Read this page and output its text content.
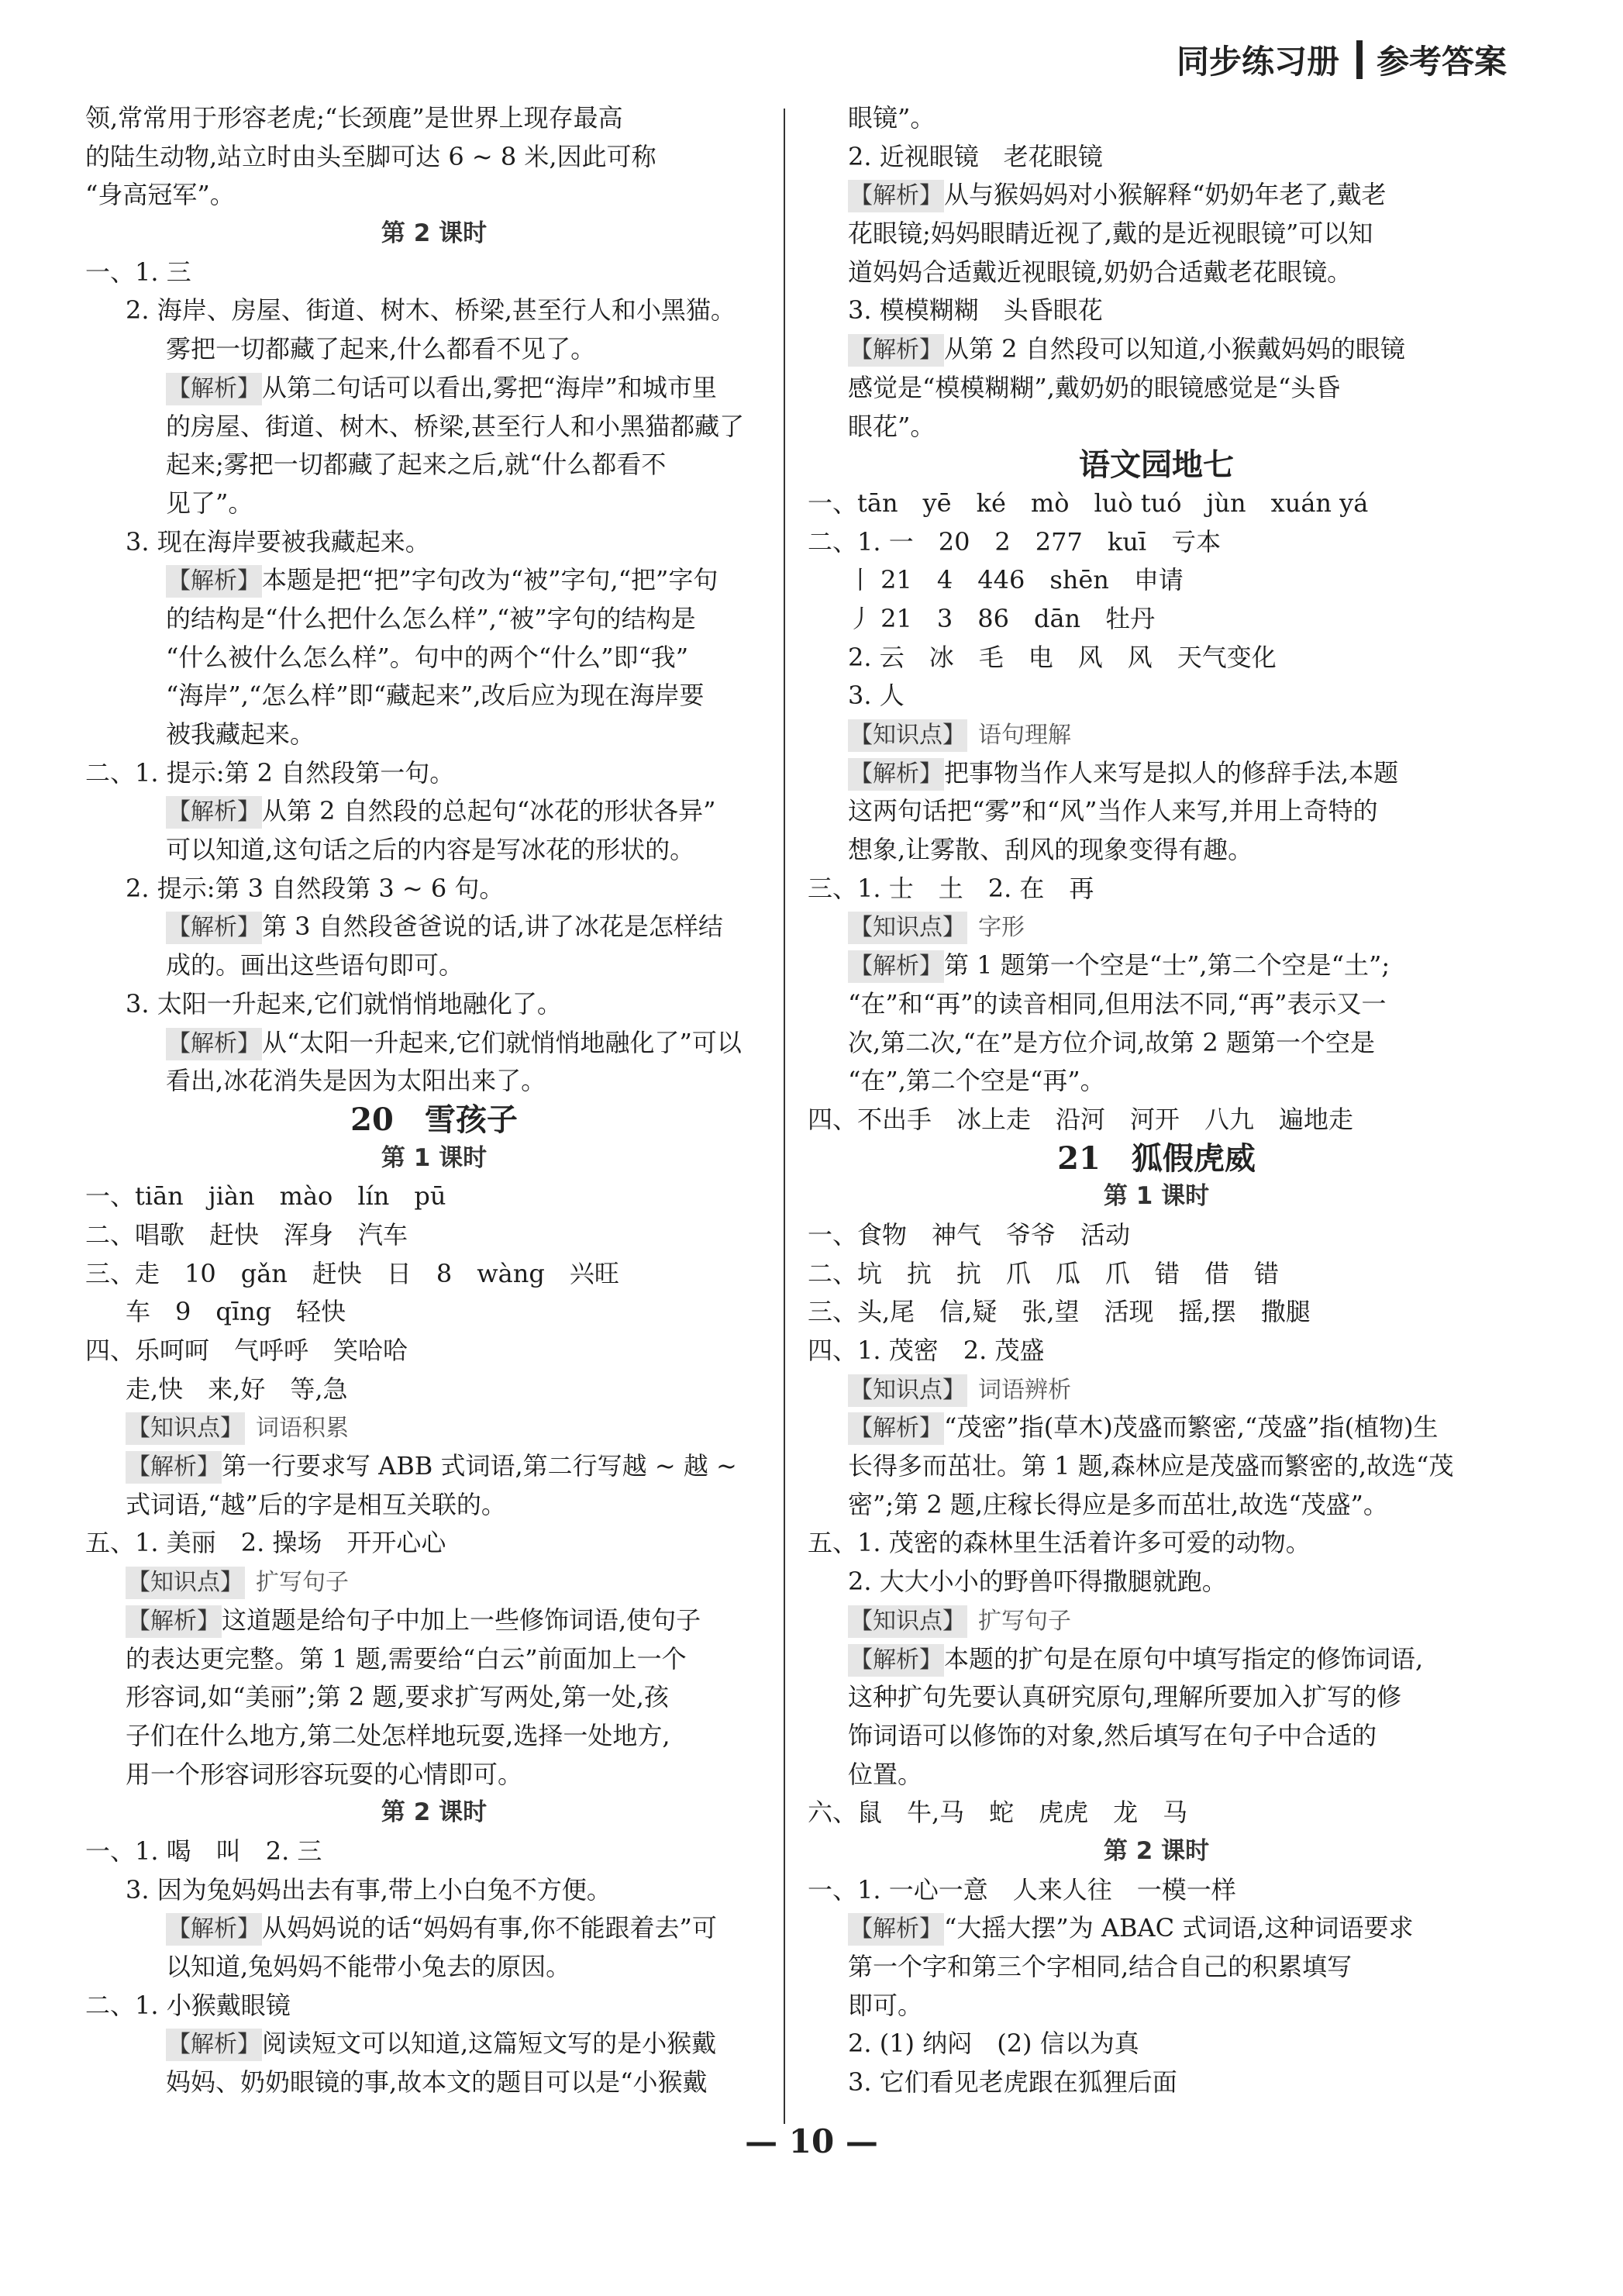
同步练习册 参考答案
领,常常用于形容老虎;“长颈鹿”是世界上现存最高
的陆生动物,站立时由头至脚可达 6 ~ 8 米,因此可称
“身高冠军”。
第 2 课时
一、1. 三
2. 海岸、房屋、街道、树木、桥梁,甚至行人和小黑猫。
雾把一切都藏了起来,什么都看不见了。
【解析】从第二句话可以看出,雾把“海岸”和城市里
的房屋、街道、树木、桥梁,甚至行人和小黑猫都藏了
起来;雾把一切都藏了起来之后,就“什么都看不
见了”。
3. 现在海岸要被我藏起来。
【解析】本题是把“把”字句改为“被”字句,“把”字句
的结构是“什么把什么怎么样”,“被”字句的结构是
“什么被什么怎么样”。句中的两个“什么”即“我”
“海岸”,“怎么样”即“藏起来”,改后应为现在海岸要
被我藏起来。
二、1. 提示:第 2 自然段第一句。
【解析】从第 2 自然段的总起句“冰花的形状各异”
可以知道,这句话之后的内容是写冰花的形状的。
2. 提示:第 3 自然段第 3 ~ 6 句。
【解析】第 3 自然段爸爸说的话,讲了冰花是怎样结
成的。画出这些语句即可。
3. 太阳一升起来,它们就悄悄地融化了。
【解析】从“太阳一升起来,它们就悄悄地融化了”可以
看出,冰花消失是因为太阳出来了。
20　雪孩子
第 1 课时
一、tiān　jiàn　mào　lín　pū
二、唱歌　赶快　浑身　汽车
三、走　10　gǎn　赶快　日　8　wàng　兴旺
车　9　qīng　轻快
四、乐呵呵　气呼呼　笑哈哈
走,快　来,好　等,急
【知识点】 词语积累
【解析】第一行要求写 ABB 式词语,第二行写越 ~ 越 ~
式词语,“越”后的字是相互关联的。
五、1. 美丽　2. 操场　开开心心
【知识点】 扩写句子
【解析】这道题是给句子中加上一些修饰词语,使句子
的表达更完整。第 1 题,需要给“白云”前面加上一个
形容词,如“美丽”;第 2 题,要求扩写两处,第一处,孩
子们在什么地方,第二处怎样地玩耍,选择一处地方,
用一个形容词形容玩耍的心情即可。
第 2 课时
一、1. 喝　叫　2. 三
3. 因为兔妈妈出去有事,带上小白兔不方便。
【解析】从妈妈说的话“妈妈有事,你不能跟着去”可
以知道,兔妈妈不能带小兔去的原因。
二、1. 小猴戴眼镜
【解析】阅读短文可以知道,这篇短文写的是小猴戴
妈妈、奶奶眼镜的事,故本文的题目可以是“小猴戴
眼镜”。
2. 近视眼镜　老花眼镜
【解析】从与猴妈妈对小猴解释“奶奶年老了,戴老
花眼镜;妈妈眼睛近视了,戴的是近视眼镜”可以知
道妈妈合适戴近视眼镜,奶奶合适戴老花眼镜。
3. 模模糊糊　头昏眼花
【解析】从第 2 自然段可以知道,小猴戴妈妈的眼镜
感觉是“模模糊糊”,戴奶奶的眼镜感觉是“头昏
眼花”。
语文园地七
一、tān　yē　ké　mò　luò tuó　jùn　xuán yá
二、1. 一　20　2　277　kuī　亏本
丨 21　4　446　shēn　申请
丿 21　3　86　dān　牡丹
2. 云　冰　毛　电　风　风　天气变化
3. 人
【知识点】 语句理解
【解析】把事物当作人来写是拟人的修辞手法,本题
这两句话把“雾”和“风”当作人来写,并用上奇特的
想象,让雾散、刮风的现象变得有趣。
三、1. 士　土　2. 在　再
【知识点】 字形
【解析】第 1 题第一个空是“士”,第二个空是“土”;
“在”和“再”的读音相同,但用法不同,“再”表示又一
次,第二次,“在”是方位介词,故第 2 题第一个空是
“在”,第二个空是“再”。
四、不出手　冰上走　沿河　河开　八九　遍地走
21　狐假虎威
第 1 课时
一、食物　神气　爷爷　活动
二、坑　抗　抗　爪　瓜　爪　错　借　错
三、头,尾　信,疑　张,望　活现　摇,摆　撒腿
四、1. 茂密　2. 茂盛
【知识点】 词语辨析
【解析】“茂密”指(草木)茂盛而繁密,“茂盛”指(植物)生
长得多而茁壮。第 1 题,森林应是茂盛而繁密的,故选“茂
密”;第 2 题,庄稼长得应是多而茁壮,故选“茂盛”。
五、1. 茂密的森林里生活着许多可爱的动物。
2. 大大小小的野兽吓得撒腿就跑。
【知识点】 扩写句子
【解析】本题的扩句是在原句中填写指定的修饰词语,
这种扩句先要认真研究原句,理解所要加入扩写的修
饰词语可以修饰的对象,然后填写在句子中合适的
位置。
六、鼠　牛,马　蛇　虎虎　龙　马
第 2 课时
一、1. 一心一意　人来人往　一模一样
【解析】“大摇大摆”为 ABAC 式词语,这种词语要求
第一个字和第三个字相同,结合自己的积累填写
即可。
2. (1) 纳闷　(2) 信以为真
3. 它们看见老虎跟在狐狸后面
— 10 —
